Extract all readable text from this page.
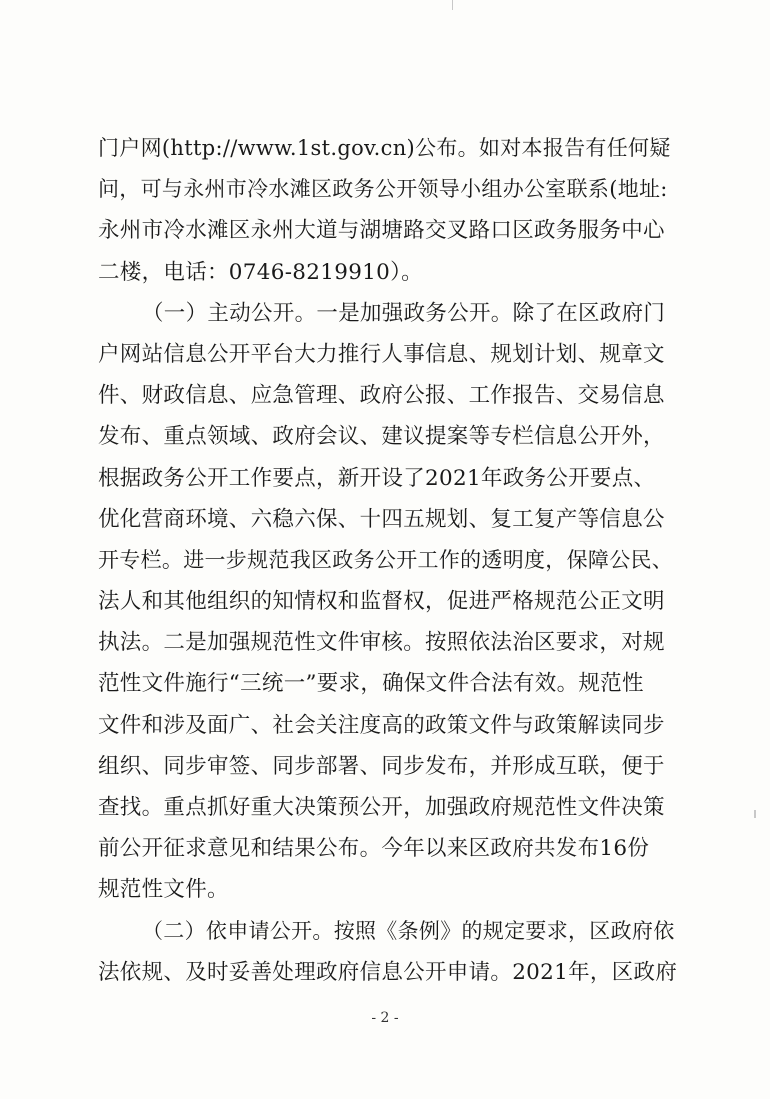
门户网(http://www.1st.gov.cn)公布。如对本报告有任何疑
问，可与永州市冷水滩区政务公开领导小组办公室联系(地址:
永州市冷水滩区永州大道与湖塘路交叉路口区政务服务中心
二楼，电话：0746-8219910）。
（一）主动公开。一是加强政务公开。除了在区政府门
户网站信息公开平台大力推行人事信息、规划计划、规章文
件、财政信息、应急管理、政府公报、工作报告、交易信息
发布、重点领域、政府会议、建议提案等专栏信息公开外，
根据政务公开工作要点，新开设了2021年政务公开要点、
优化营商环境、六稳六保、十四五规划、复工复产等信息公
开专栏。进一步规范我区政务公开工作的透明度，保障公民、
法人和其他组织的知情权和监督权，促进严格规范公正文明
执法。二是加强规范性文件审核。按照依法治区要求，对规
范性文件施行“三统一”要求，确保文件合法有效。规范性
文件和涉及面广、社会关注度高的政策文件与政策解读同步
组织、同步审签、同步部署、同步发布，并形成互联，便于
查找。重点抓好重大决策预公开，加强政府规范性文件决策
前公开征求意见和结果公布。今年以来区政府共发布16份
规范性文件。
（二）依申请公开。按照《条例》的规定要求，区政府依
法依规、及时妥善处理政府信息公开申请。2021年，区政府
- 2 -
